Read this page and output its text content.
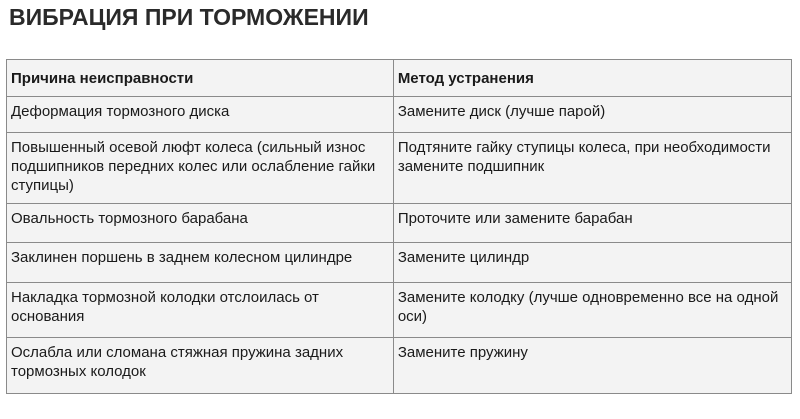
ВИБРАЦИЯ ПРИ ТОРМОЖЕНИИ
Причина неисправности	Метод устранения
Деформация тормозного диска	Замените диск (лучше парой)
Повышенный осевой люфт колеса (сильный износ подшипников передних колес или ослабление гайки ступицы)	Подтяните гайку ступицы колеса, при необходимости замените подшипник
Овальность тормозного барабана	Проточите или замените барабан
Заклинен поршень в заднем колесном цилиндре	Замените цилиндр
Накладка тормозной колодки отслоилась от основания	Замените колодку (лучше одновременно все на одной оси)
Ослабла или сломана стяжная пружина задних тормозных колодок	Замените пружину
